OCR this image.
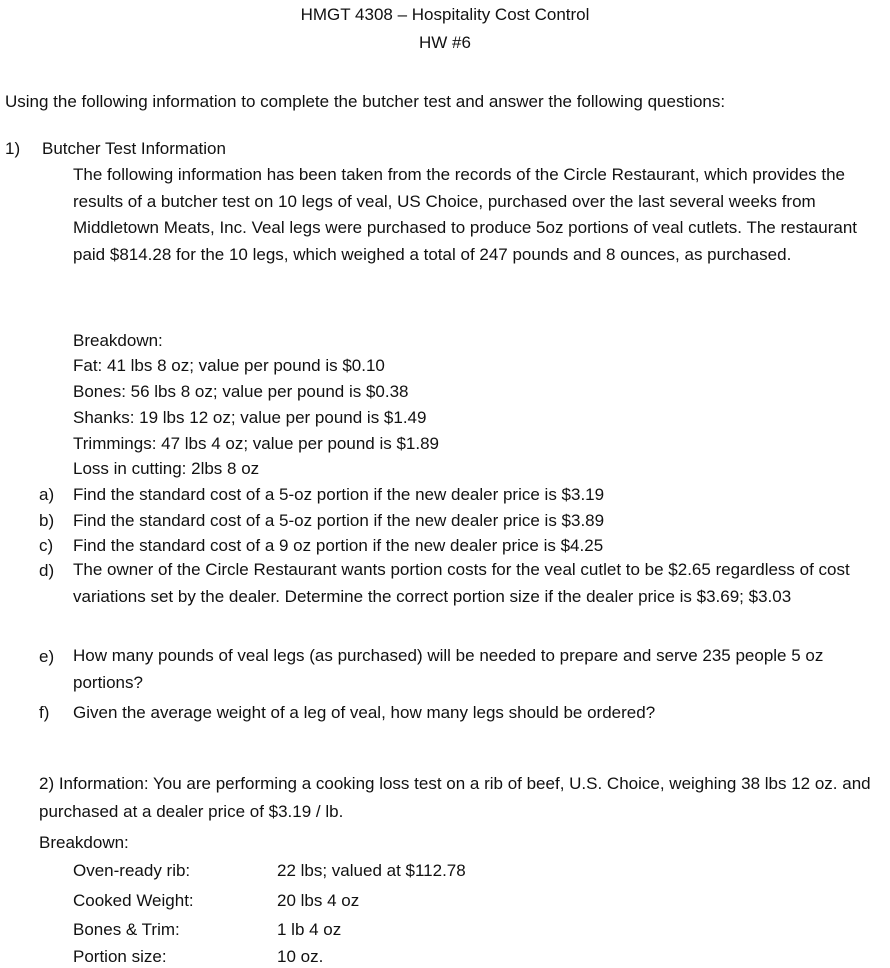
HMGT 4308 – Hospitality Cost Control
HW #6
Using the following information to complete the butcher test and answer the following questions:
1) Butcher Test Information
The following information has been taken from the records of the Circle Restaurant, which provides the results of a butcher test on 10 legs of veal, US Choice, purchased over the last several weeks from Middletown Meats, Inc. Veal legs were purchased to produce 5oz portions of veal cutlets. The restaurant paid $814.28 for the 10 legs, which weighed a total of 247 pounds and 8 ounces, as purchased.
Breakdown:
Fat: 41 lbs 8 oz; value per pound is $0.10
Bones: 56 lbs 8 oz; value per pound is $0.38
Shanks: 19 lbs 12 oz; value per pound is $1.49
Trimmings: 47 lbs 4 oz; value per pound is $1.89
Loss in cutting: 2lbs 8 oz
a) Find the standard cost of a 5-oz portion if the new dealer price is $3.19
b) Find the standard cost of a 5-oz portion if the new dealer price is $3.89
c) Find the standard cost of a 9 oz portion if the new dealer price is $4.25
d) The owner of the Circle Restaurant wants portion costs for the veal cutlet to be $2.65 regardless of cost variations set by the dealer. Determine the correct portion size if the dealer price is $3.69; $3.03
e) How many pounds of veal legs (as purchased) will be needed to prepare and serve 235 people 5 oz portions?
f) Given the average weight of a leg of veal, how many legs should be ordered?
2) Information: You are performing a cooking loss test on a rib of beef, U.S. Choice, weighing 38 lbs 12 oz. and purchased at a dealer price of $3.19 / lb.
Breakdown:
Oven-ready rib:	22 lbs; valued at $112.78
Cooked Weight:	20 lbs 4 oz
Bones & Trim:	1 lb 4 oz
Portion size:	10 oz.
